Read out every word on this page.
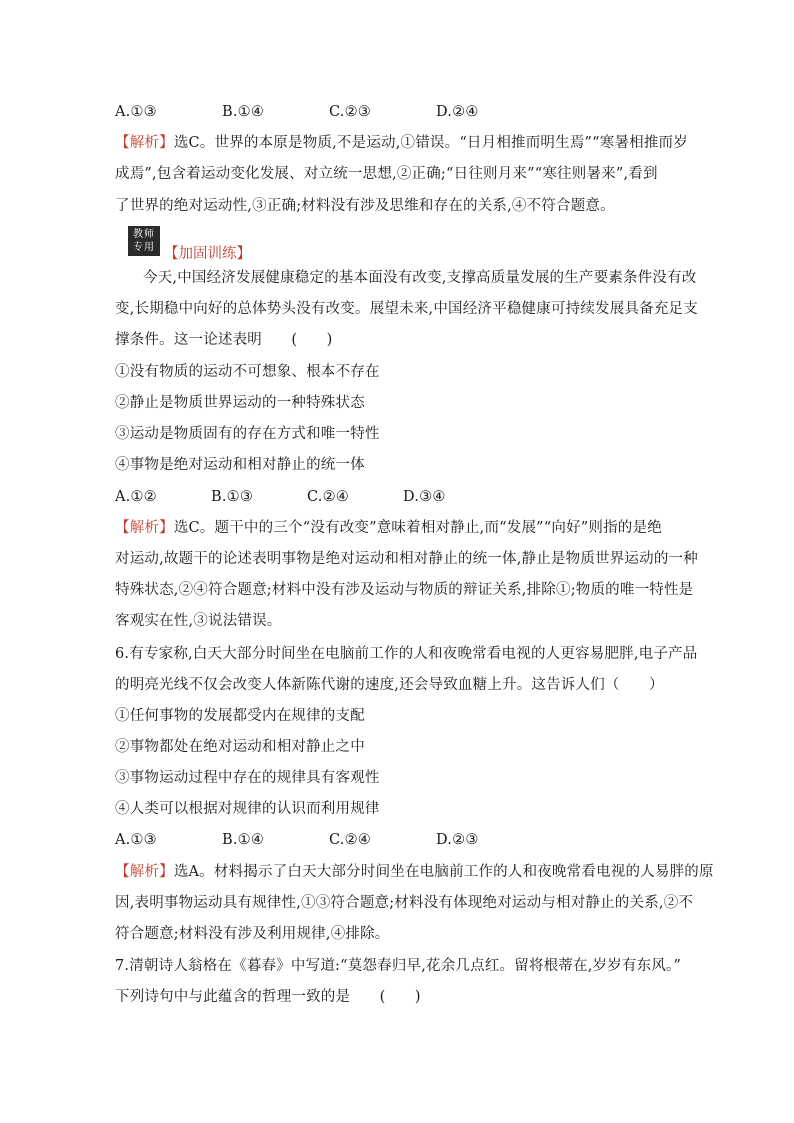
A.①③	B.①④	C.②③	D.②④
【解析】选C。世界的本原是物质,不是运动,①错误。“日月相推而明生焉”“寒暑相推而岁
成焉”,包含着运动变化发展、对立统一思想,②正确;“日往则月来”“寒往则暑来”,看到
了世界的绝对运动性,③正确;材料没有涉及思维和存在的关系,④不符合题意。
教师
专用 【加固训练】
今天,中国经济发展健康稳定的基本面没有改变,支撑高质量发展的生产要素条件没有改
变,长期稳中向好的总体势头没有改变。展望未来,中国经济平稳健康可持续发展具备充足支
撑条件。这一论述表明　　(　　)
①没有物质的运动不可想象、根本不存在
②静止是物质世界运动的一种特殊状态
③运动是物质固有的存在方式和唯一特性
④事物是绝对运动和相对静止的统一体
A.①②	B.①③	C.②④	D.③④
【解析】选C。题干中的三个“没有改变”意味着相对静止,而“发展”“向好”则指的是绝
对运动,故题干的论述表明事物是绝对运动和相对静止的统一体,静止是物质世界运动的一种
特殊状态,②④符合题意;材料中没有涉及运动与物质的辩证关系,排除①;物质的唯一特性是
客观实在性,③说法错误。
6.有专家称,白天大部分时间坐在电脑前工作的人和夜晚常看电视的人更容易肥胖,电子产品
的明亮光线不仅会改变人体新陈代谢的速度,还会导致血糖上升。这告诉人们（　　）
①任何事物的发展都受内在规律的支配
②事物都处在绝对运动和相对静止之中
③事物运动过程中存在的规律具有客观性
④人类可以根据对规律的认识而利用规律
A.①③	B.①④	C.②④	D.②③
【解析】选A。材料揭示了白天大部分时间坐在电脑前工作的人和夜晚常看电视的人易胖的原
因,表明事物运动具有规律性,①③符合题意;材料没有体现绝对运动与相对静止的关系,②不
符合题意;材料没有涉及利用规律,④排除。
7.清朝诗人翁格在《暮春》中写道:“莫怨春归早,花余几点红。留将根蒂在,岁岁有东风。”
下列诗句中与此蕴含的哲理一致的是　　(　　)
